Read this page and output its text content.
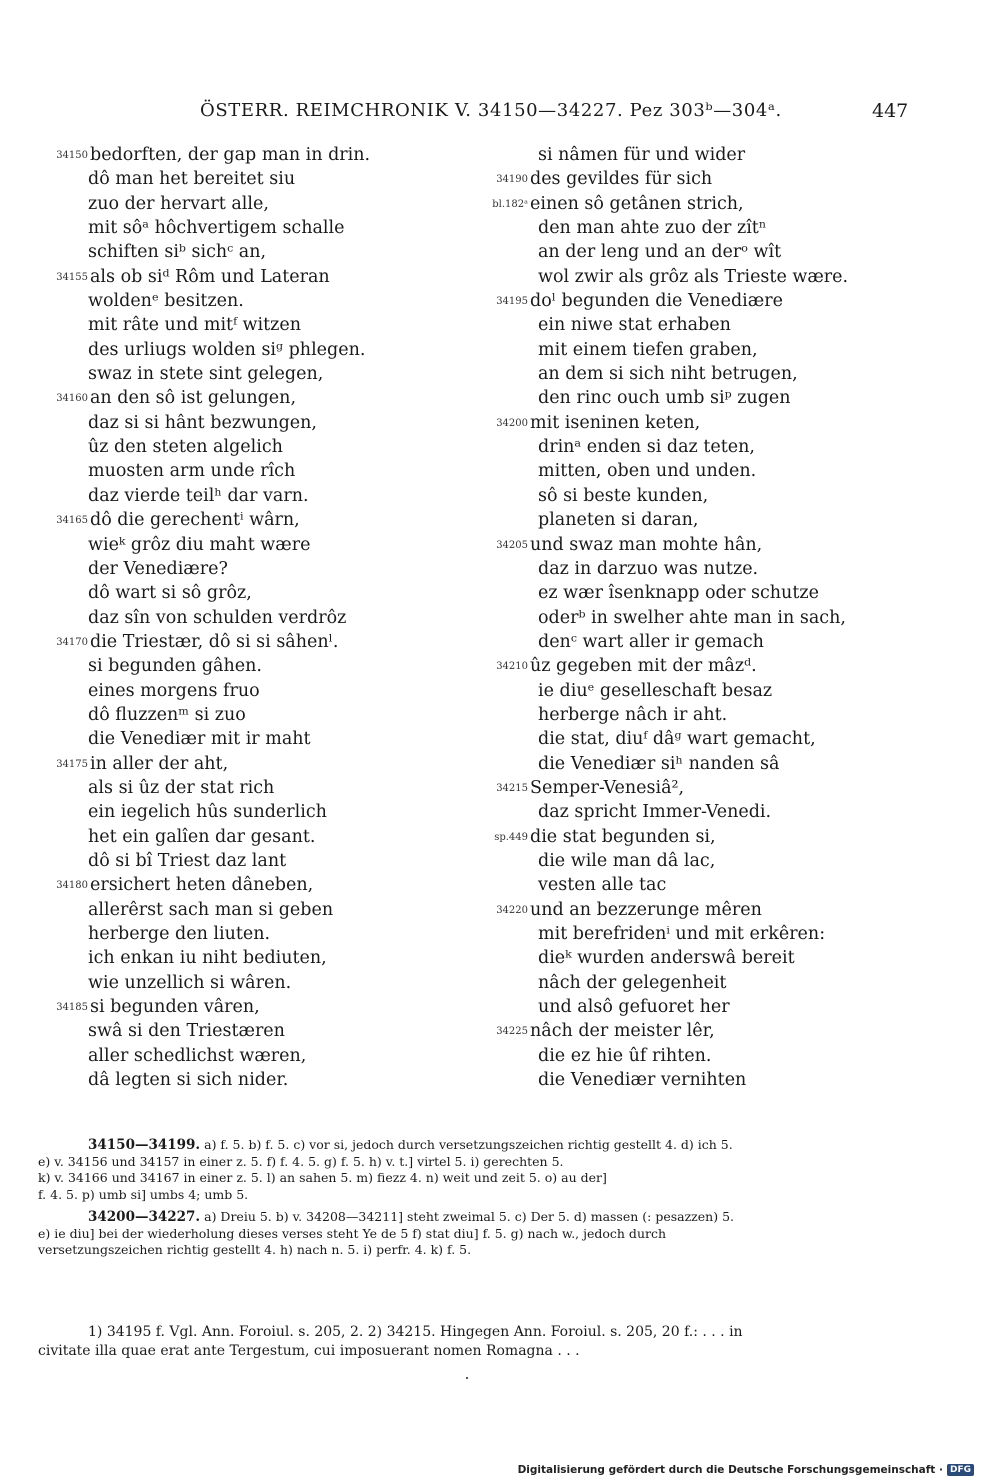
ÖSTERR. REIMCHRONIK V. 34150—34227. Pez 303ᵇ—304ᵃ.	447
34150 bedorften, der gap man in drin.
dô man het bereitet siu
zuo der hervart alle,
mit sôᵃ hôchvertigem schalle
schiften siᵇ sichᶜ an,
34155 als ob siᵈ Rôm und Lateran
woldenᵉ besitzen.
mit râte und mitᶠ witzen
des urliugs wolden siᵍ phlegen.
swaz in stete sint gelegen,
34160 an den sô ist gelungen,
daz si si hânt bezwungen,
ûz den steten algelich
muosten arm unde rîch
daz vierde teilʰ dar varn.
34165 dô die gerechentⁱ wârn,
wieᵏ grôz diu maht wære
der Venediære?
dô wart si sô grôz,
daz sîn von schulden verdrôz
34170 die Triestær, dô si si sâhenˡ.
si begunden gâhen.
eines morgens fruo
dô fluzzenᵐ si zuo
die Venediær mit ir maht
34175 in aller der aht,
als si ûz der stat rich
ein iegelich hûs sunderlich
het ein galîen dar gesant.
dô si bî Triest daz lant
34180 ersichert heten dâneben,
allerêrst sach man si geben
herberge den liuten.
ich enkan iu niht bediuten,
wie unzellich si wâren.
34185 si begunden vâren,
swâ si den Triestæren
aller schedlichst wæren,
dâ legten si sich nider.
si nâmen für und wider
34190 des gevildes für sich
bl.182ᵃ einen sô getânen strich,
den man ahte zuo der zîtⁿ
an der leng und an derᵒ wît
wol zwir als grôz als Trieste wære.
34195 doˡ begunden die Venediære
ein niwe stat erhaben
mit einem tiefen graben,
an dem si sich niht betrugen,
den rinc ouch umb siᵖ zugen
34200 mit iseninen keten,
drinᵃ enden si daz teten,
mitten, oben und unden.
sô si beste kunden,
planeten si daran,
34205 und swaz man mohte hân,
daz in darzuo was nutze.
ez wær îsenknapp oder schutze
oderᵇ in swelher ahte man in sach,
denᶜ wart aller ir gemach
34210 ûz gegeben mit der mâzᵈ.
ie diuᵉ geselleschaft besaz
herberge nâch ir aht.
die stat, diuᶠ dâᵍ wart gemacht,
die Venediær siʰ nanden sâ
34215 Semper-Venesiâ²,
daz spricht Immer-Venedi.
sp.449 die stat begunden si,
die wile man dâ lac,
vesten alle tac
34220 und an bezzerunge mêren
mit berefridenⁱ und mit erkêren:
dieᵏ wurden anderswâ bereit
nâch der gelegenheit
und alsô gefuoret her
34225 nâch der meister lêr,
die ez hie ûf rihten.
die Venediær vernihten
34150—34199. a) f. 5. b) f. 5. c) vor si, jedoch durch versetzungszeichen richtig gestellt 4. d) ich 5.
e) v. 34156 und 34157 in einer z. 5. f) f. 4. 5. g) f. 5. h) v. t.] virtel 5. i) gerechten 5.
k) v. 34166 und 34167 in einer z. 5. l) an sahen 5. m) fiezz 4. n) weit und zeit 5. o) au der]
f. 4. 5. p) umb si] umbs 4; umb 5.
34200—34227. a) Dreiu 5. b) v. 34208—34211] steht zweimal 5. c) Der 5. d) massen (: pesazzen) 5.
e) ie diu] bei der wiederholung dieses verses steht Ye de 5 f) stat diu] f. 5. g) nach w., jedoch durch
versetzungszeichen richtig gestellt 4. h) nach n. 5. i) perfr. 4. k) f. 5.
1) 34195 f. Vgl. Ann. Foroiul. s. 205, 2. 2) 34215. Hingegen Ann. Foroiul. s. 205, 20 f.: . . . in
civitate illa quae erat ante Tergestum, cui imposuerant nomen Romagna . . .
Digitalisierung gefördert durch die Deutsche Forschungsgemeinschaft · DFG
